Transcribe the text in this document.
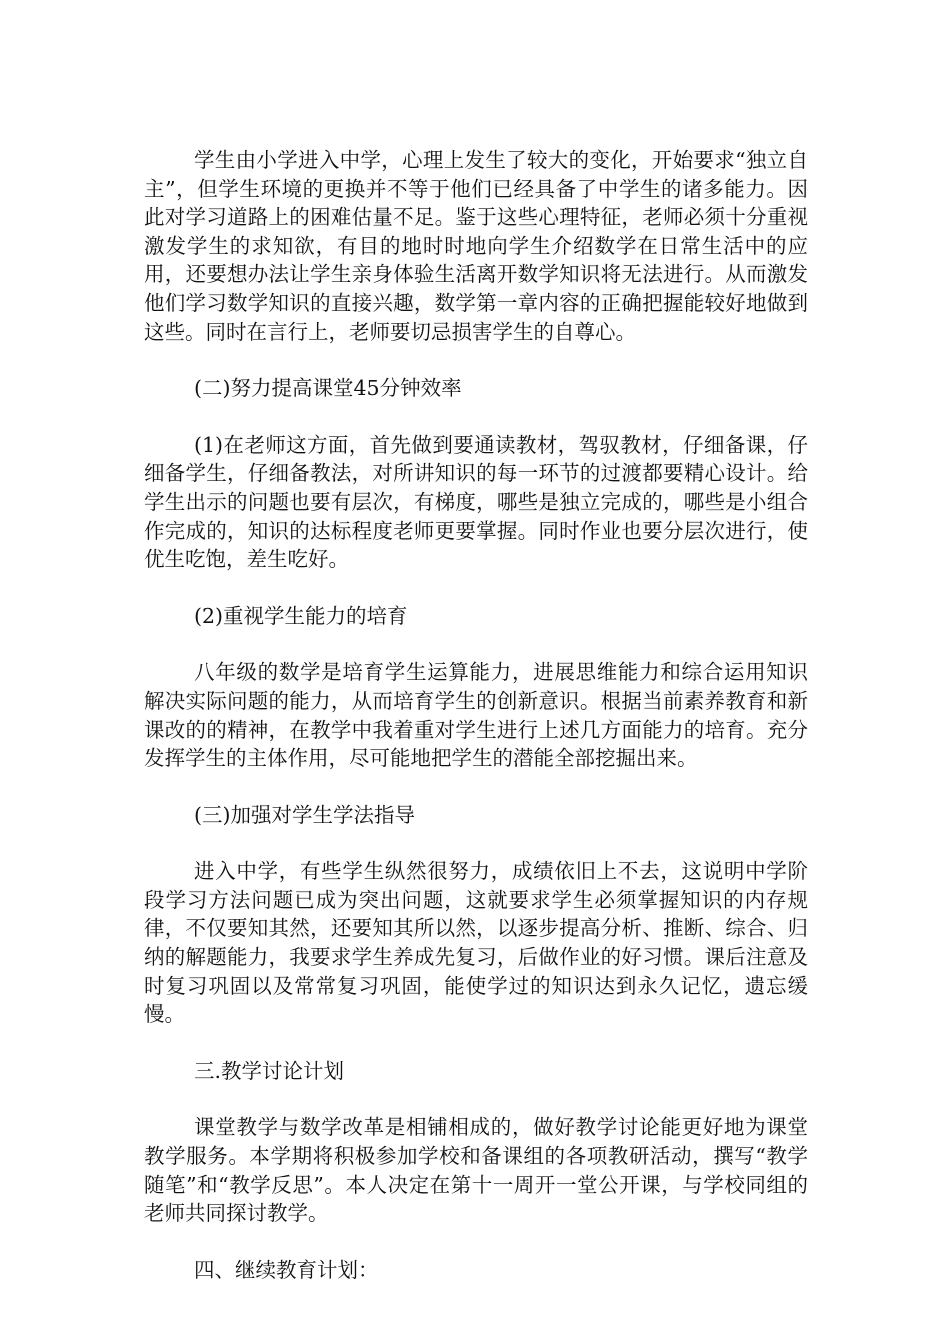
学生由小学进入中学，心理上发生了较大的变化，开始要求“独立自主”，但学生环境的更换并不等于他们已经具备了中学生的诸多能力。因此对学习道路上的困难估量不足。鉴于这些心理特征，老师必须十分重视激发学生的求知欲，有目的地时时地向学生介绍数学在日常生活中的应用，还要想办法让学生亲身体验生活离开数学知识将无法进行。从而激发他们学习数学知识的直接兴趣，数学第一章内容的正确把握能较好地做到这些。同时在言行上，老师要切忌损害学生的自尊心。

(二)努力提高课堂45分钟效率

(1)在老师这方面，首先做到要通读教材，驾驭教材，仔细备课，仔细备学生，仔细备教法，对所讲知识的每一环节的过渡都要精心设计。给学生出示的问题也要有层次，有梯度，哪些是独立完成的，哪些是小组合作完成的，知识的达标程度老师更要掌握。同时作业也要分层次进行，使优生吃饱，差生吃好。

(2)重视学生能力的培育

八年级的数学是培育学生运算能力，进展思维能力和综合运用知识解决实际问题的能力，从而培育学生的创新意识。根据当前素养教育和新课改的的精神，在教学中我着重对学生进行上述几方面能力的培育。充分发挥学生的主体作用，尽可能地把学生的潜能全部挖掘出来。

(三)加强对学生学法指导

进入中学，有些学生纵然很努力，成绩依旧上不去，这说明中学阶段学习方法问题已成为突出问题，这就要求学生必须掌握知识的内存规律，不仅要知其然，还要知其所以然，以逐步提高分析、推断、综合、归纳的解题能力，我要求学生养成先复习，后做作业的好习惯。课后注意及时复习巩固以及常常复习巩固，能使学过的知识达到永久记忆，遗忘缓慢。

三.教学讨论计划

课堂教学与数学改革是相铺相成的，做好教学讨论能更好地为课堂教学服务。本学期将积极参加学校和备课组的各项教研活动，撰写“教学随笔”和“教学反思”。本人决定在第十一周开一堂公开课，与学校同组的老师共同探讨教学。

四、继续教育计划：
